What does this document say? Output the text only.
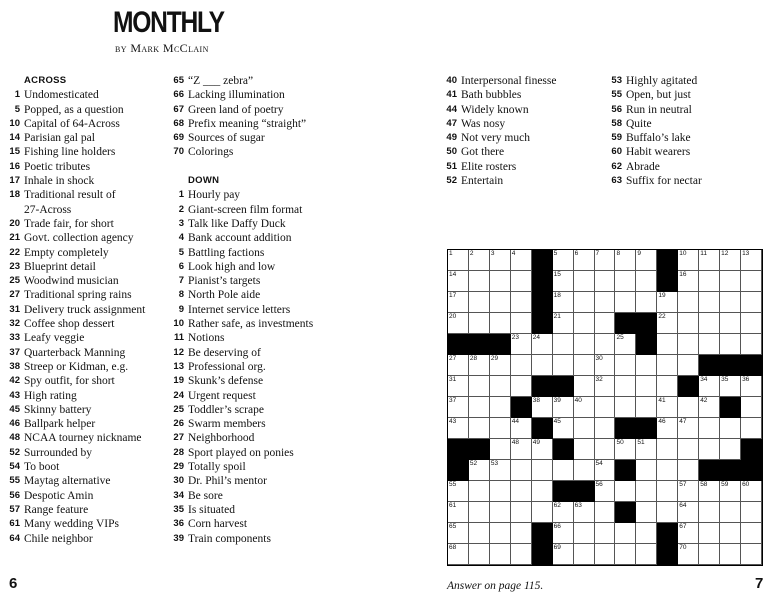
MONTHLY
by Mark McClain
ACROSS
1 Undomesticated
5 Popped, as a question
10 Capital of 64-Across
14 Parisian gal pal
15 Fishing line holders
16 Poetic tributes
17 Inhale in shock
18 Traditional result of
27-Across
20 Trade fair, for short
21 Govt. collection agency
22 Empty completely
23 Blueprint detail
25 Woodwind musician
27 Traditional spring rains
31 Delivery truck assignment
32 Coffee shop dessert
33 Leafy veggie
37 Quarterback Manning
38 Streep or Kidman, e.g.
42 Spy outfit, for short
43 High rating
45 Skinny battery
46 Ballpark helper
48 NCAA tourney nickname
52 Surrounded by
54 To boot
55 Maytag alternative
56 Despotic Amin
57 Range feature
61 Many wedding VIPs
64 Chile neighbor
65 “Z ___ zebra”
66 Lacking illumination
67 Green land of poetry
68 Prefix meaning “straight”
69 Sources of sugar
70 Colorings
DOWN
1 Hourly pay
2 Giant-screen film format
3 Talk like Daffy Duck
4 Bank account addition
5 Battling factions
6 Look high and low
7 Pianist’s targets
8 North Pole aide
9 Internet service letters
10 Rather safe, as investments
11 Notions
12 Be deserving of
13 Professional org.
19 Skunk’s defense
24 Urgent request
25 Toddler’s scrape
26 Swarm members
27 Neighborhood
28 Sport played on ponies
29 Totally spoil
30 Dr. Phil’s mentor
34 Be sore
35 Is situated
36 Corn harvest
39 Train components
40 Interpersonal finesse
41 Bath bubbles
44 Widely known
47 Was nosy
49 Not very much
50 Got there
51 Elite rosters
52 Entertain
53 Highly agitated
55 Open, but just
56 Run in neutral
58 Quite
59 Buffalo’s lake
60 Habit wearers
62 Abrade
63 Suffix for nectar
1	2	3	4	5	6	7	8	9	10 11 12 13
14	15	16
17	18	19
20	21	22
23 24	25
27 28 29	30
31	32	34 35 36
37	38 39 40	41	42
43	44	45	46 47
48 49	50 51
52 53	54
55	56	57 58 59 60
61	62 63	64
65	66	67
68	69	70
6	Answer on page 115.	7
